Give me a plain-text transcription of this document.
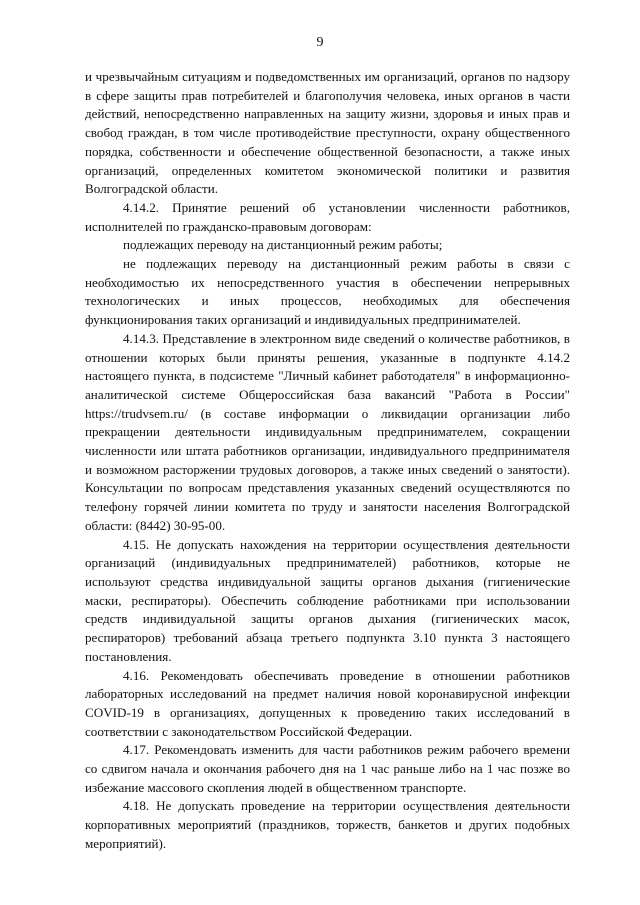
9

и чрезвычайным ситуациям и подведомственных им организаций, органов по надзору в сфере защиты прав потребителей и благополучия человека, иных органов в части действий, непосредственно направленных на защиту жизни, здоровья и иных прав и свобод граждан, в том числе противодействие преступности, охрану общественного порядка, собственности и обеспечение общественной безопасности, а также иных организаций, определенных комитетом экономической политики и развития Волгоградской области.

4.14.2. Принятие решений об установлении численности работников, исполнителей по гражданско-правовым договорам:

подлежащих переводу на дистанционный режим работы;

не подлежащих переводу на дистанционный режим работы в связи с необходимостью их непосредственного участия в обеспечении непрерывных технологических и иных процессов, необходимых для обеспечения функционирования таких организаций и индивидуальных предпринимателей.

4.14.3. Представление в электронном виде сведений о количестве работников, в отношении которых были приняты решения, указанные в подпункте 4.14.2 настоящего пункта, в подсистеме "Личный кабинет работодателя" в информационно-аналитической системе Общероссийская база вакансий "Работа в России" https://trudvsem.ru/ (в составе информации о ликвидации организации либо прекращении деятельности индивидуальным предпринимателем, сокращении численности или штата работников организации, индивидуального предпринимателя и возможном расторжении трудовых договоров, а также иных сведений о занятости). Консультации по вопросам представления указанных сведений осуществляются по телефону горячей линии комитета по труду и занятости населения Волгоградской области: (8442) 30-95-00.

4.15. Не допускать нахождения на территории осуществления деятельности организаций (индивидуальных предпринимателей) работников, которые не используют средства индивидуальной защиты органов дыхания (гигиенические маски, респираторы). Обеспечить соблюдение работниками при использовании средств индивидуальной защиты органов дыхания (гигиенических масок, респираторов) требований абзаца третьего подпункта 3.10 пункта 3 настоящего постановления.

4.16. Рекомендовать обеспечивать проведение в отношении работников лабораторных исследований на предмет наличия новой коронавирусной инфекции COVID-19 в организациях, допущенных к проведению таких исследований в соответствии с законодательством Российской Федерации.

4.17. Рекомендовать изменить для части работников режим рабочего времени со сдвигом начала и окончания рабочего дня на 1 час раньше либо на 1 час позже во избежание массового скопления людей в общественном транспорте.

4.18. Не допускать проведение на территории осуществления деятельности корпоративных мероприятий (праздников, торжеств, банкетов и других подобных мероприятий).
